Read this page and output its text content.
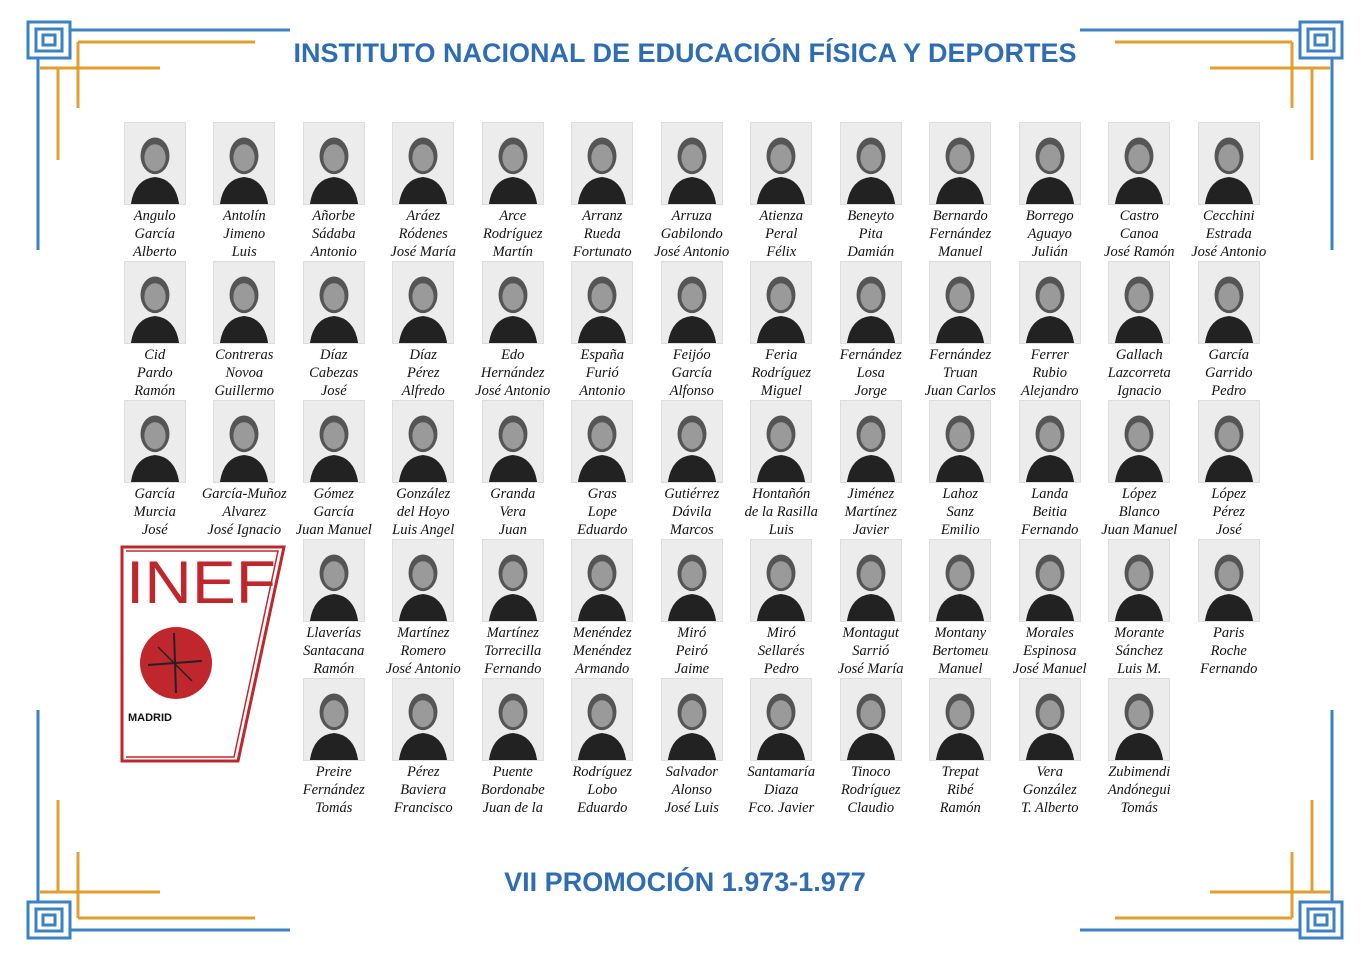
INSTITUTO NACIONAL DE EDUCACIÓN FÍSICA Y DEPORTES
Angulo
García
Alberto
Antolín
Jimeno
Luis
Añorbe
Sádaba
Antonio
Aráez
Ródenes
José María
Arce
Rodríguez
Martín
Arranz
Rueda
Fortunato
Arruza
Gabilondo
José Antonio
Atienza
Peral
Félix
Beneyto
Pita
Damián
Bernardo
Fernández
Manuel
Borrego
Aguayo
Julián
Castro
Canoa
José Ramón
Cecchini
Estrada
José Antonio
Cid
Pardo
Ramón
Contreras
Novoa
Guillermo
Díaz
Cabezas
José
Díaz
Pérez
Alfredo
Edo
Hernández
José Antonio
España
Furió
Antonio
Feijóo
García
Alfonso
Feria
Rodríguez
Miguel
Fernández
Losa
Jorge
Fernández
Truan
Juan Carlos
Ferrer
Rubio
Alejandro
Gallach
Lazcorreta
Ignacio
García
Garrido
Pedro
García
Murcia
José
García-Muñoz
Alvarez
José Ignacio
Gómez
García
Juan Manuel
González
del Hoyo
Luis Angel
Granda
Vera
Juan
Gras
Lope
Eduardo
Gutiérrez
Dávila
Marcos
Hontañón
de la Rasilla
Luis
Jiménez
Martínez
Javier
Lahoz
Sanz
Emilio
Landa
Beitia
Fernando
López
Blanco
Juan Manuel
López
Pérez
José
Llaverías
Santacana
Ramón
Martínez
Romero
José Antonio
Martínez
Torrecilla
Fernando
Menéndez
Menéndez
Armando
Miró
Peiró
Jaime
Miró
Sellarés
Pedro
Montagut
Sarrió
José María
Montany
Bertomeu
Manuel
Morales
Espinosa
José Manuel
Morante
Sánchez
Luis M.
Paris
Roche
Fernando
Preire
Fernández
Tomás
Pérez
Baviera
Francisco
Puente
Bordonabe
Juan de la
Rodríguez
Lobo
Eduardo
Salvador
Alonso
José Luis
Santamaría
Diaza
Fco. Javier
Tinoco
Rodríguez
Claudio
Trepat
Ribé
Ramón
Vera
González
T. Alberto
Zubimendi
Andónegui
Tomás
INEF
MADRID
VII PROMOCIÓN 1.973-1.977
